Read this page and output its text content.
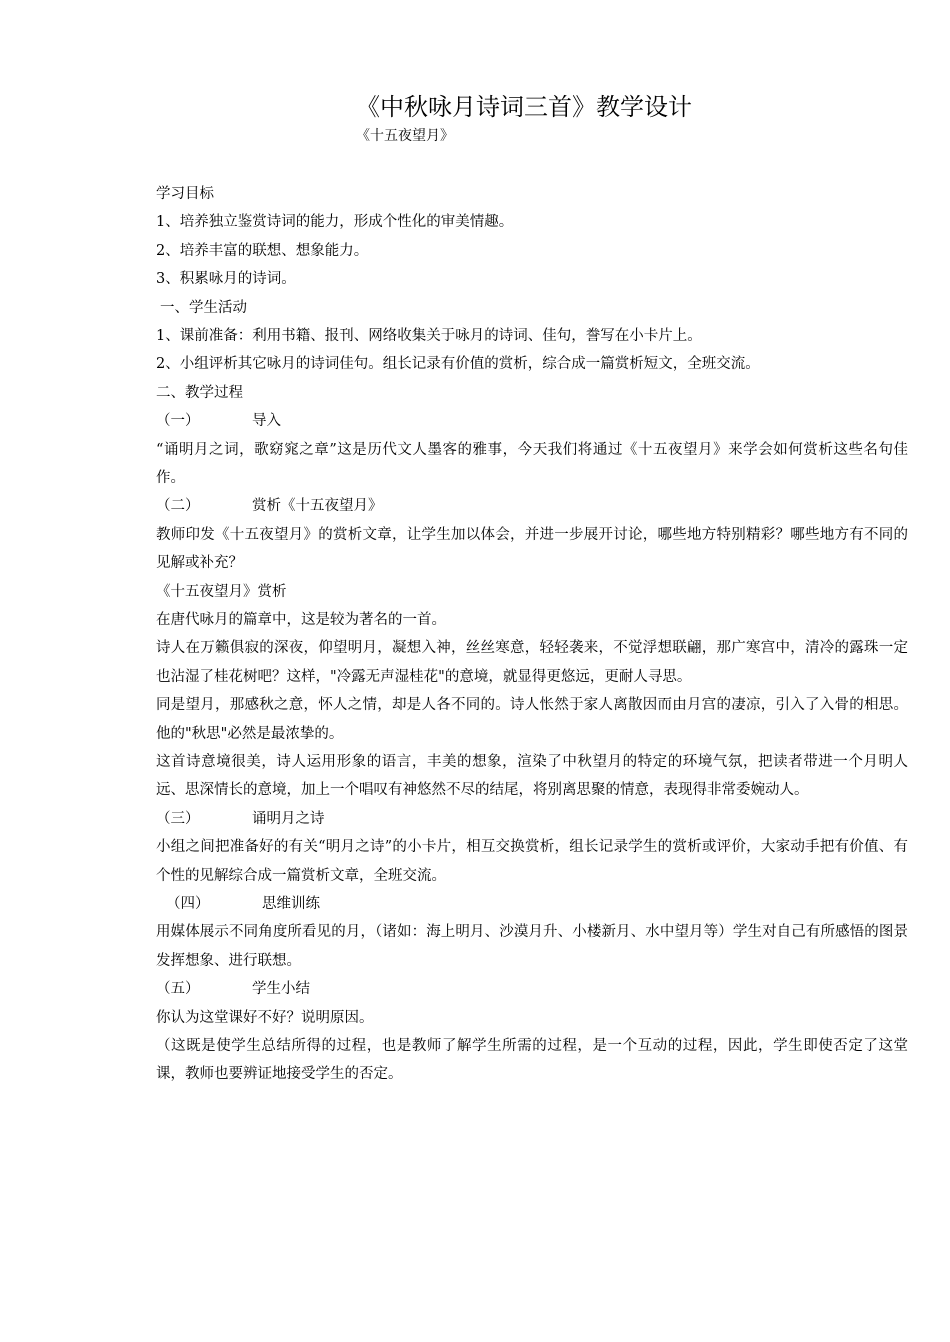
《中秋咏月诗词三首》教学设计
《十五夜望月》
学习目标
1、培养独立鉴赏诗词的能力，形成个性化的审美情趣。
2、培养丰富的联想、想象能力。
3、积累咏月的诗词。
一、学生活动
1、课前准备：利用书籍、报刊、网络收集关于咏月的诗词、佳句，誊写在小卡片上。
2、小组评析其它咏月的诗词佳句。组长记录有价值的赏析，综合成一篇赏析短文，全班交流。
二、教学过程
（一）	导入
“诵明月之词，歌窈窕之章”这是历代文人墨客的雅事，今天我们将通过《十五夜望月》来学会如何赏析这些名句佳作。
（二）	赏析《十五夜望月》
教师印发《十五夜望月》的赏析文章，让学生加以体会，并进一步展开讨论，哪些地方特别精彩？哪些地方有不同的见解或补充？
《十五夜望月》赏析
在唐代咏月的篇章中，这是较为著名的一首。
诗人在万籁俱寂的深夜，仰望明月，凝想入神，丝丝寒意，轻轻袭来，不觉浮想联翩，那广寒宫中，清冷的露珠一定也沾湿了桂花树吧？这样，"冷露无声湿桂花"的意境，就显得更悠远，更耐人寻思。
同是望月，那感秋之意，怀人之情，却是人各不同的。诗人怅然于家人离散因而由月宫的凄凉，引入了入骨的相思。他的"秋思"必然是最浓挚的。
这首诗意境很美，诗人运用形象的语言，丰美的想象，渲染了中秋望月的特定的环境气氛，把读者带进一个月明人远、思深情长的意境，加上一个唱叹有神悠然不尽的结尾，将别离思聚的情意，表现得非常委婉动人。
（三）	诵明月之诗
小组之间把准备好的有关“明月之诗”的小卡片，相互交换赏析，组长记录学生的赏析或评价，大家动手把有价值、有个性的见解综合成一篇赏析文章，全班交流。
（四）	思维训练
用媒体展示不同角度所看见的月，（诸如：海上明月、沙漠月升、小楼新月、水中望月等）学生对自己有所感悟的图景发挥想象、进行联想。
（五）	学生小结
你认为这堂课好不好？说明原因。
（这既是使学生总结所得的过程，也是教师了解学生所需的过程，是一个互动的过程，因此，学生即使否定了这堂课，教师也要辨证地接受学生的否定。
